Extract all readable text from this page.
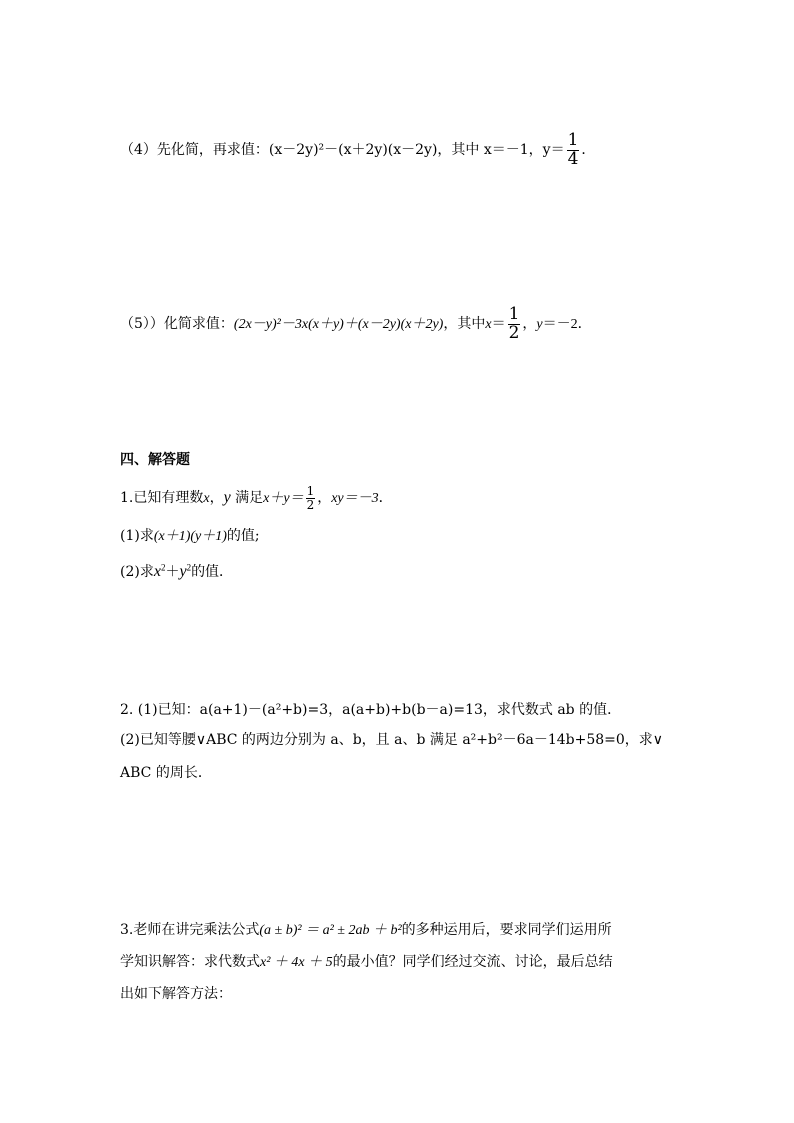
（4）先化简，再求值：(x－2y)²－(x＋2y)(x－2y)，其中 x＝－1，$y= \frac{1}{4}$ ．
（5））化简求值：(2x－y)²－3x(x＋y)＋(x－2y)(x＋2y)，其中$x= \frac{1}{2}$ ，y＝－2．
四、解答题
1.已知有理数x，y 满足$x+y= \frac{1}{2}$ ，xy＝－3．
(1)求(x＋1)(y＋1)的值;
(2)求$x^2+y^2$的值．
2. (1)已知：a(a+1)－(a²+b)=3，a(a+b)+b(b－a)=13，求代数式 ab 的值．
(2)已知等腰∨ABC 的两边分别为 a、b，且 a、b 满足 a²+b²－6a－14b+58=0，求∨
ABC 的周长．
3.老师在讲完乘法公式(a ± b)² ＝ a² ± 2ab ＋ b²的多种运用后，要求同学们运用所
学知识解答：求代数式x² ＋ 4x ＋ 5的最小值？同学们经过交流、讨论，最后总结
出如下解答方法：
